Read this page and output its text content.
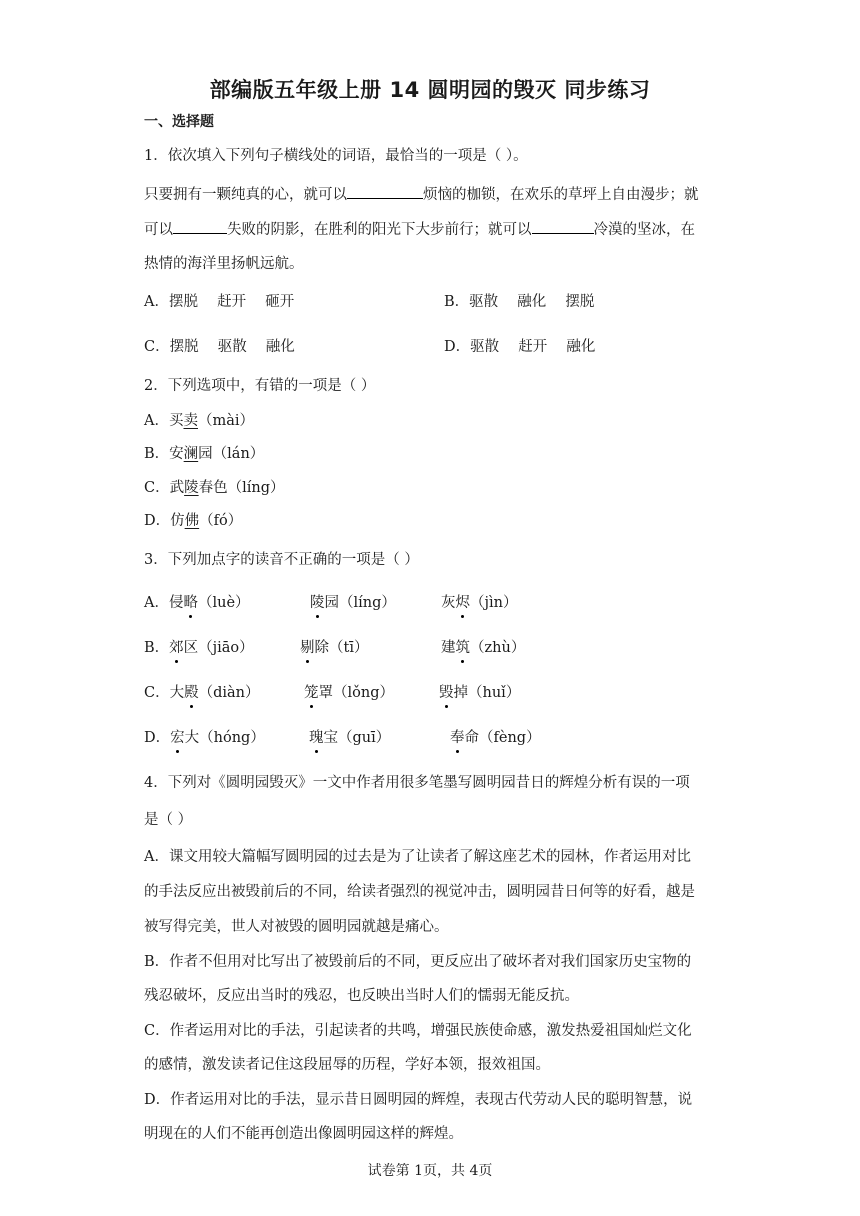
部编版五年级上册 14 圆明园的毁灭 同步练习
一、选择题
1．依次填入下列句子横线处的词语，最恰当的一项是（ ）。
只要拥有一颗纯真的心，就可以	烦恼的枷锁，在欢乐的草坪上自由漫步；就
可以	失败的阴影，在胜利的阳光下大步前行；就可以	冷漠的坚冰，在
热情的海洋里扬帆远航。
A．摆脱　 赶开　 砸开	B．驱散　 融化　 摆脱
C．摆脱　 驱散　 融化	D．驱散　 赶开　 融化
2．下列选项中，有错的一项是（ ）
A．买卖（mài）
B．安澜园（lán）
C．武陵春色（líng）
D．仿佛（fó）
3．下列加点字的读音不正确的一项是（ ）
A．侵略（luè）	陵园（líng）	灰烬（jìn）
B．郊区（jiāo）	剔除（tī）	建筑（zhù）
C．大殿（diàn）	笼罩（lǒng）	毁掉（huǐ）
D．宏大（hóng）	瑰宝（guī）	奉命（fèng）
4．下列对《圆明园毁灭》一文中作者用很多笔墨写圆明园昔日的辉煌分析有误的一项
是（ ）
A．课文用较大篇幅写圆明园的过去是为了让读者了解这座艺术的园林，作者运用对比
的手法反应出被毁前后的不同，给读者强烈的视觉冲击，圆明园昔日何等的好看，越是
被写得完美，世人对被毁的圆明园就越是痛心。
B．作者不但用对比写出了被毁前后的不同，更反应出了破坏者对我们国家历史宝物的
残忍破坏，反应出当时的残忍，也反映出当时人们的懦弱无能反抗。
C．作者运用对比的手法，引起读者的共鸣，增强民族使命感，激发热爱祖国灿烂文化
的感情，激发读者记住这段屈辱的历程，学好本领，报效祖国。
D．作者运用对比的手法，显示昔日圆明园的辉煌，表现古代劳动人民的聪明智慧，说
明现在的人们不能再创造出像圆明园这样的辉煌。
试卷第 1页，共 4页
